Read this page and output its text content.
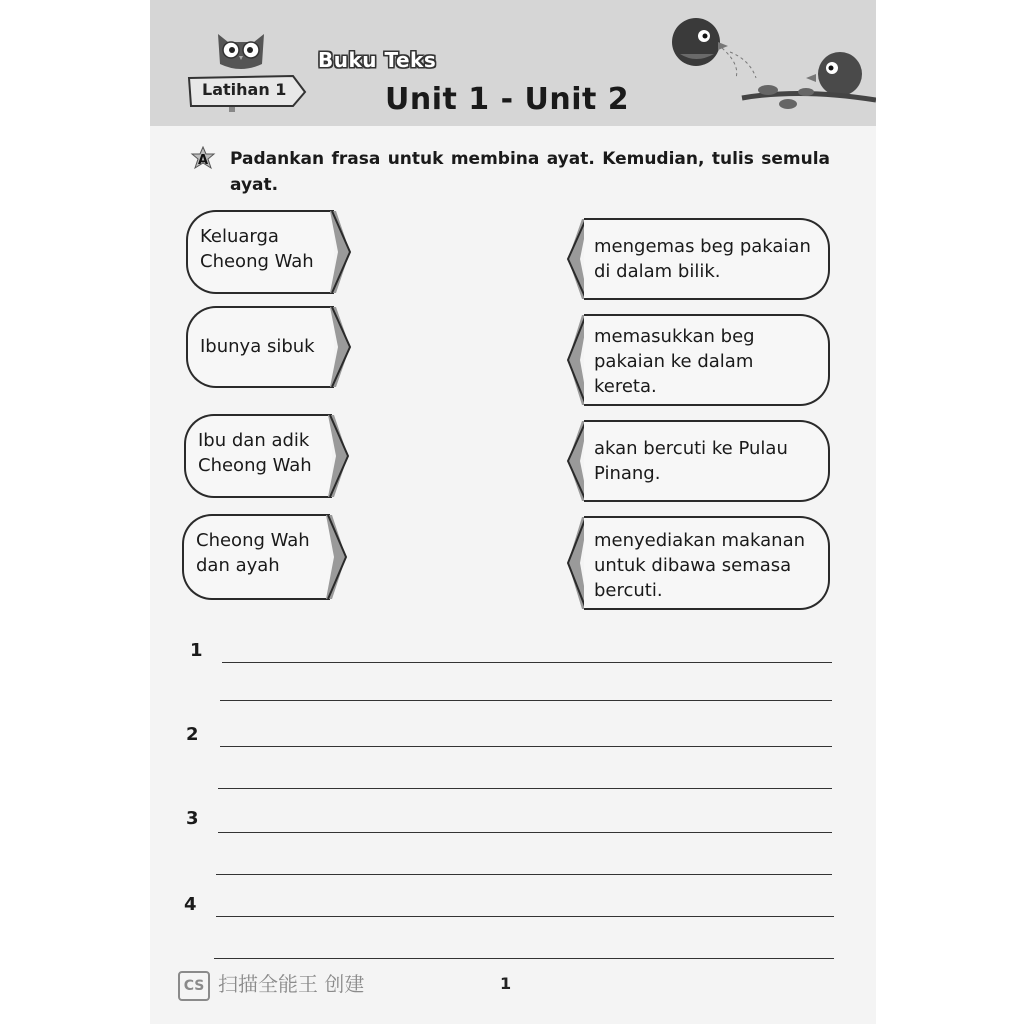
Latihan 1
Buku Teks
Unit 1 - Unit 2
A Padankan frasa untuk membina ayat. Kemudian, tulis semula ayat.
Keluarga
Cheong Wah
Ibunya sibuk
Ibu dan adik
Cheong Wah
Cheong Wah
dan ayah
mengemas beg pakaian
di dalam bilik.
memasukkan beg
pakaian ke dalam
kereta.
akan bercuti ke Pulau
Pinang.
menyediakan makanan
untuk dibawa semasa
bercuti.
1
2
3
4
CS 扫描全能王 创建	1
